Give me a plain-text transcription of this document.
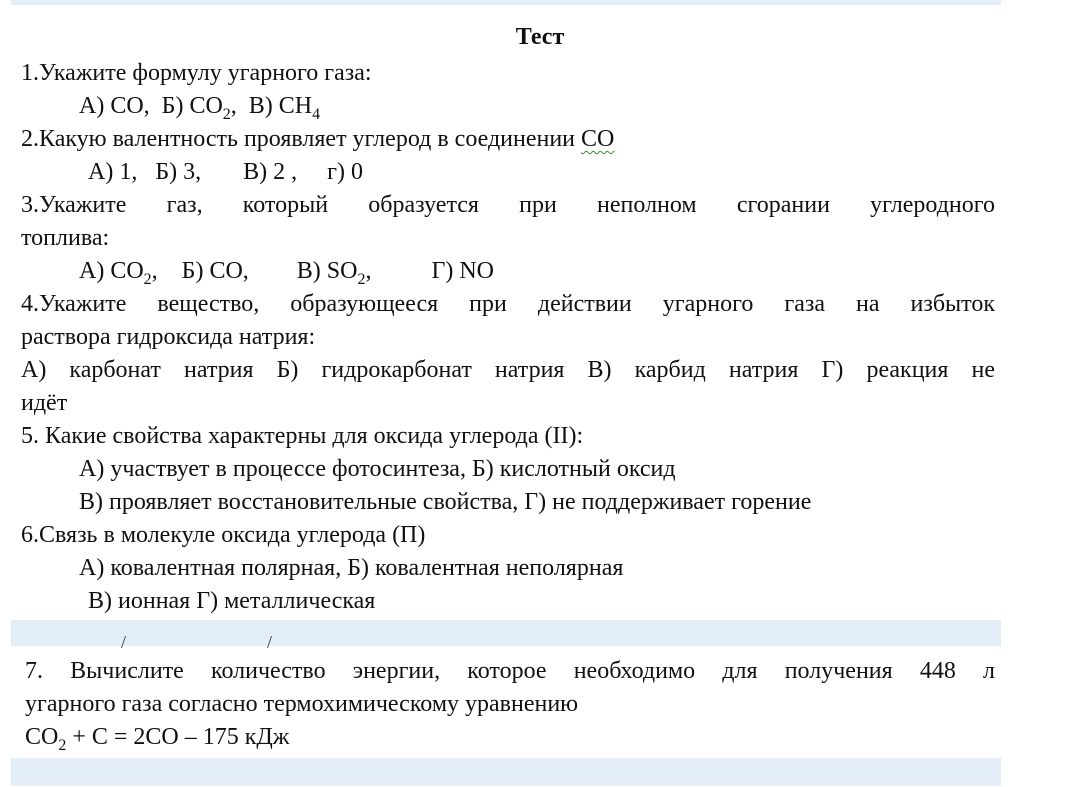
Тест
1.Укажите формулу угарного газа:
А) СО, Б) $СО_2$, В) $СН_4$
2.Какую валентность проявляет углерод в соединении СО
А) 1, Б) 3, В) 2 , г) 0
3.Укажите газ, который образуется при неполном сгорании углеродного
топлива:
А) $СО_2$, Б) СО, В) $SO_2$,	Г) NO
4.Укажите вещество, образующееся при действии угарного газа на избыток
раствора гидроксида натрия:
А) карбонат натрия Б) гидрокарбонат натрия В) карбид натрия Г) реакция не
идёт
5. Какие свойства характерны для оксида углерода (II):
А) участвует в процессе фотосинтеза, Б) кислотный оксид
В) проявляет восстановительные свойства, Г) не поддерживает горение
6.Связь в молекуле оксида углерода (П)
А) ковалентная полярная, Б) ковалентная неполярная
В) ионная Г) металлическая
/	/
7. Вычислите количество энергии, которое необходимо для получения 448 л
угарного газа согласно термохимическому уравнению
$CO_2 + C = 2CO - 175$ кДж
